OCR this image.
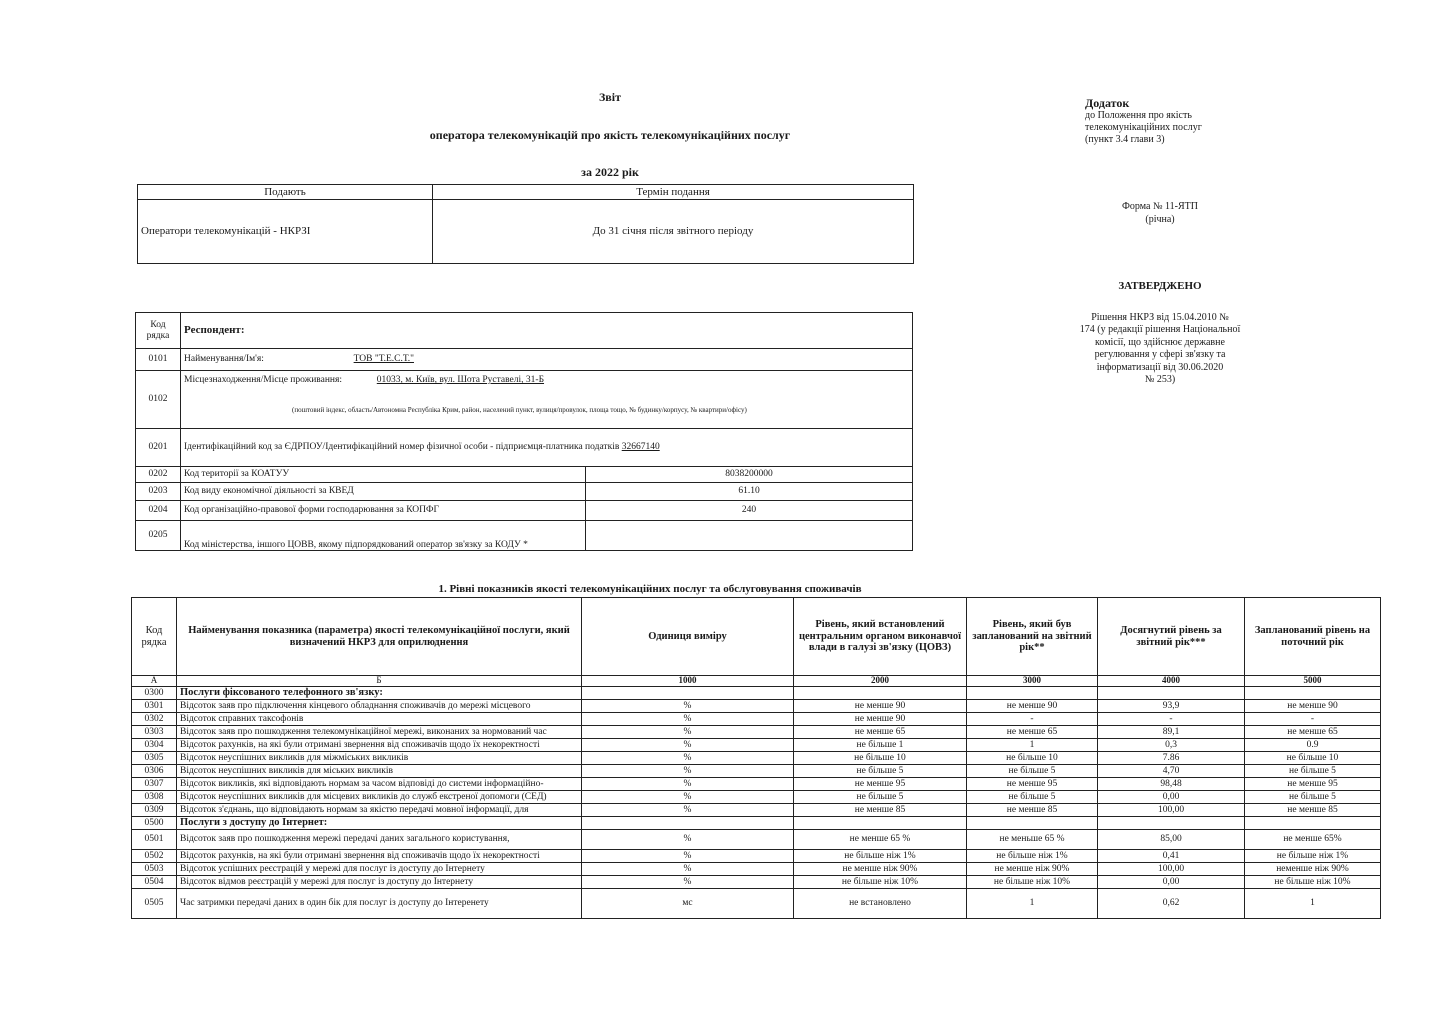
Звіт
оператора телекомунікацій про якість телекомунікаційних послуг
за 2022 рік
Додаток
до Положення про якість
телекомунікаційних послуг
(пункт 3.4 глави 3)
Форма № 11-ЯТП
(річна)
ЗАТВЕРДЖЕНО
Рішення НКРЗ від 15.04.2010 №
174 (у редакції рішення Національної
комісії, що здійснює державне
регулювання у сфері зв'язку та
інформатизації від 30.06.2020
№ 253)
Подають	Термін подання
Оператори телекомунікацій - НКРЗІ	До 31 січня після звітного періоду
Код рядка	Респондент:	
0101	Найменування/Ім'я: ТОВ "Т.Е.С.Т."	
0102	Місцезнаходження/Місце проживання: 01033, м. Київ, вул. Шота Руставелі, 31-Б
(поштовий індекс, область/Автономна Республіка Крим, район, населений пункт, вулиця/провулок, площа тощо, № будинку/корпусу, № квартири/офісу)	

0201	Ідентифікаційний код за ЄДРПОУ/Ідентифікаційний номер фізичної особи - підприємця-платника податків 32667140	
0202	Код території за КОАТУУ	8038200000
0203	Код виду економічної діяльності за КВЕД	61.10
0204	Код організаційно-правової форми господарювання за КОПФГ	240
0205	Код міністерства, іншого ЦОВВ, якому підпорядкований оператор зв'язку за КОДУ *	
1. Рівні показників якості телекомунікаційних послуг та обслуговування споживачів
Код рядка	Найменування показника (параметра) якості телекомунікаційної послуги, який визначений НКРЗ для оприлюднення	Одиниця виміру	Рівень, який встановлений центральним органом виконавчої влади в галузі зв'язку (ЦОВЗ)	Рівень, який був запланований на звітний рік**	Досягнутий рівень за звітний рік***	Запланований рівень на поточний рік
А	Б	1000	2000	3000	4000	5000
0300	Послуги фіксованого телефонного зв'язку:					
0301	Відсоток заяв про підключення кінцевого обладнання споживачів до мережі місцевого	%	не менше 90	не менше 90	93,9	не менше 90
0302	Відсоток справних таксофонів	%	не менше 90	-	-	-
0303	Відсоток заяв про пошкодження телекомунікаційної мережі, виконаних за нормований час	%	не менше 65	не менше 65	89,1	не менше 65
0304	Відсоток рахунків, на які були отримані звернення від споживачів щодо їх некоректності	%	не більше 1	1	0,3	0.9
0305	Відсоток неуспішних викликів для міжміських викликів	%	не більше 10	не більше 10	7.86	не більше 10
0306	Відсоток неуспішних викликів для міських викликів	%	не більше 5	не більше 5	4,70	не більше 5
0307	Відсоток викликів, які відповідають нормам за часом відповіді до системи інформаційно-	%	не менше 95	не менше 95	98,48	не менше 95
0308	Відсоток неуспішних викликів для місцевих викликів до служб екстреної допомоги (СЕД)	%	не більше 5	не більше 5	0,00	не більше 5
0309	Відсоток з'єднань, що відповідають нормам за якістю передачі мовної інформації, для	%	не менше 85	не менше 85	100,00	не менше 85
0500	Послуги з доступу до Інтернет:					
0501	Відсоток заяв про пошкодження мережі передачі даних загального користування,	%	не менше 65 %	не меньше 65 %	85,00	не менше 65%
0502	Відсоток рахунків, на які були отримані звернення від споживачів щодо їх некоректності	%	не більше ніж 1%	не більше ніж 1%	0,41	не більше ніж 1%
0503	Відсоток успішних реєстрацій у мережі для послуг із доступу до Інтернету	%	не менше ніж 90%	не менше ніж 90%	100,00	неменше ніж 90%
0504	Відсоток відмов реєстрацій у мережі для послуг із доступу до Інтернету	%	не більше ніж 10%	не більше ніж 10%	0,00	не більше ніж 10%
0505	Час затримки передачі даних в один бік для послуг із доступу до Інтеренету	мс	не встановлено	1	0,62	1
